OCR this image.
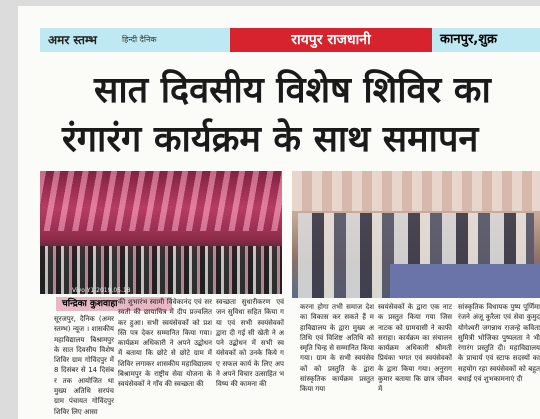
अमर स्तम्भ	हिन्दी दैनिक	रायपुर राजधानी	कानपुर,शुक्र
सात दिवसीय विशेष शिविर का
रंगारंग कार्यक्रम के साथ समापन
Vivo Y1 2019.05.18
चन्द्रिका कुशवाहा
सूरजपुर, दैनिक (अमर स्तम्भ) न्यूज । शासकीय महाविद्यालय बिश्रामपुर के सात दिवसीय विशेष शिविर ग्राम गोविंदपुर में 8 दिसंबर से 14 दिसंबर तक आयोजित था मुख्य अतिथि सरपंच ग्राम पंचायत गोविंदपुर शिविर लिए आसा
की शुभारंभ स्वामी विवेकानंद एवं सरस्वती की छायाचित्र में दीप प्रज्वलित कर हुआ। सभी स्वयंसेवकों को प्रशस्ति पत्र देकर सम्मानित किया गया। कार्यक्रम अधिकारी ने अपने उद्बोधन में बताया कि छोटे से छोटे ग्राम में शिविर लगाकर शासकीय महाविद्यालय बिश्रामपुर के राष्ट्रीय सेवा योजना के स्वयंसेवकों ने गाँव की स्वच्छता की
स्वच्छता सुधारीकरण एवं जन सुविधा सहित किया गया एवं सभी स्वयंसेवकों द्वारा दी गई सी खेती ने अपने उद्बोधन में सभी स्वयंसेवकों को उनके किये गए सफल कार्य के लिए अपने अपने विचार उत्साहित भविष्य की कामना की
करना होगा तभी समाज देश का विकास कर सकते हैं महाविद्यालय के द्वारा मुख्य अतिथि एवं विशिष्ट अतिथि को स्मृति चिन्ह से सम्मानित किया गया। ग्राम के सभी स्वयंसेवकों को प्रस्तुति के द्वारा सांस्कृतिक कार्यक्रम प्रस्तुत किया गया
स्वयंसेवकों के द्वारा एक नाटक प्रस्तुत किया गया जिस नाटक को ग्रामवासी ने काफी सराहा। कार्यक्रम का संचालन कार्यक्रम अधिकारी श्रीमती प्रियंका भगत एवं स्वयंसेवकों के द्वारा किया गया। अनुराग कुमार बताया कि छात्र जीवन में
सांस्कृतिक विधायक पुष्प पूर्णिमा रंजने अंजू कुरैला एवं सेवा कुमुद योगेश्वरी जगन्नाथ राजन्हे कविता सुमित्री भोजिका पुष्पलता ने भी रंगारंग प्रस्तुति दी। महाविद्यालय के प्राचार्य एवं स्टाफ सदस्यों का सहयोग रहा स्वयंसेवकों को बहुत बधाई एवं शुभकामनाएं दी
